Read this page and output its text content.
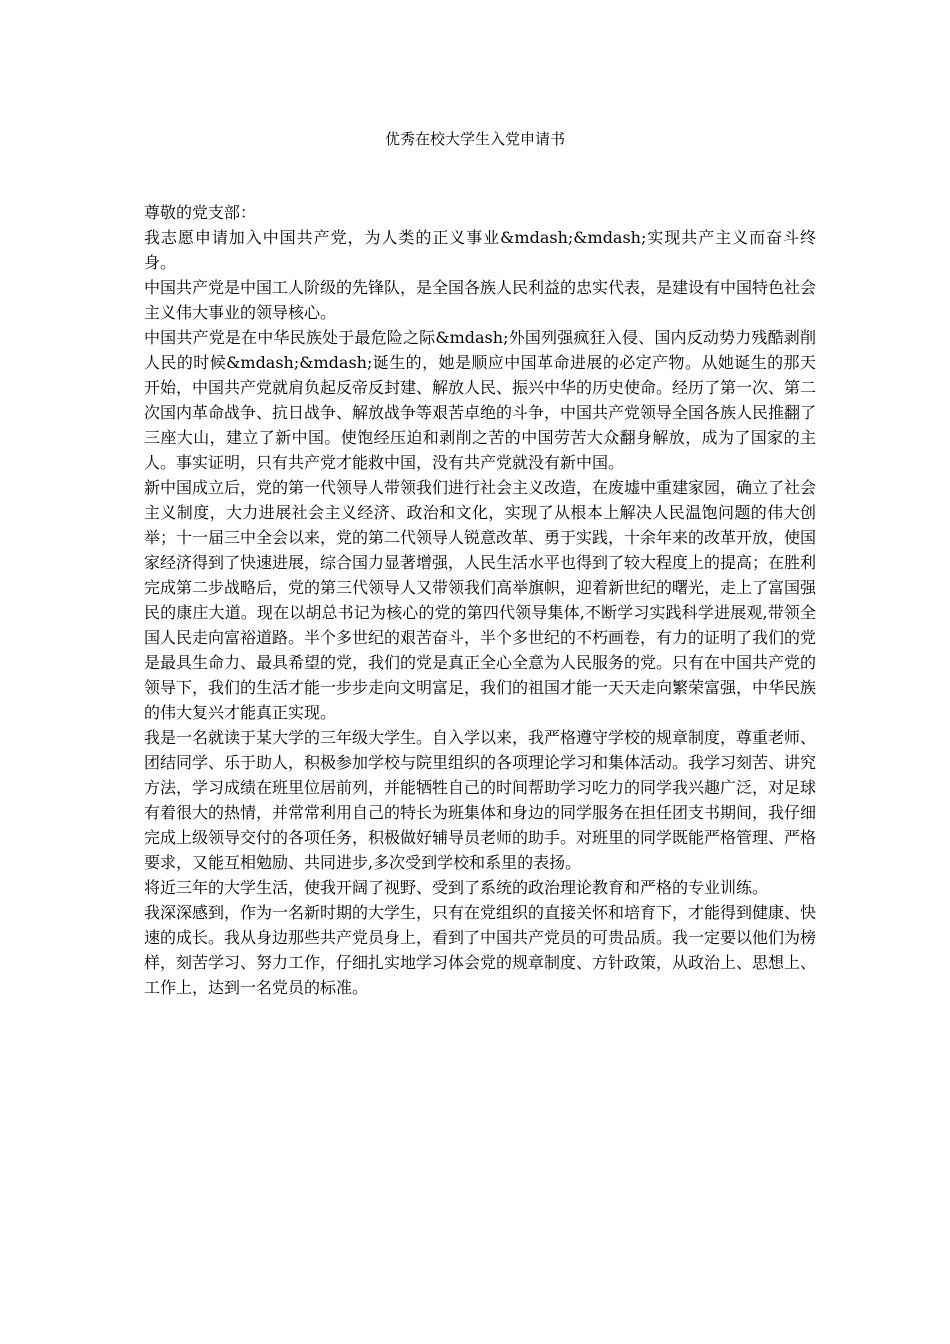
优秀在校大学生入党申请书

尊敬的党支部：

我志愿申请加入中国共产党，为人类的正义事业&mdash;&mdash;实现共产主义而奋斗终身。

中国共产党是中国工人阶级的先锋队，是全国各族人民利益的忠实代表，是建设有中国特色社会主义伟大事业的领导核心。

中国共产党是在中华民族处于最危险之际&mdash;外国列强疯狂入侵、国内反动势力残酷剥削人民的时候&mdash;&mdash;诞生的，她是顺应中国革命进展的必定产物。从她诞生的那天开始，中国共产党就肩负起反帝反封建、解放人民、振兴中华的历史使命。经历了第一次、第二次国内革命战争、抗日战争、解放战争等艰苦卓绝的斗争，中国共产党领导全国各族人民推翻了三座大山，建立了新中国。使饱经压迫和剥削之苦的中国劳苦大众翻身解放，成为了国家的主人。事实证明，只有共产党才能救中国，没有共产党就没有新中国。

新中国成立后，党的第一代领导人带领我们进行社会主义改造，在废墟中重建家园，确立了社会主义制度，大力进展社会主义经济、政治和文化，实现了从根本上解决人民温饱问题的伟大创举；十一届三中全会以来，党的第二代领导人锐意改革、勇于实践，十余年来的改革开放，使国家经济得到了快速进展，综合国力显著增强，人民生活水平也得到了较大程度上的提高；在胜利完成第二步战略后，党的第三代领导人又带领我们高举旗帜，迎着新世纪的曙光，走上了富国强民的康庄大道。现在以胡总书记为核心的党的第四代领导集体,不断学习实践科学进展观,带领全国人民走向富裕道路。半个多世纪的艰苦奋斗，半个多世纪的不朽画卷，有力的证明了我们的党是最具生命力、最具希望的党，我们的党是真正全心全意为人民服务的党。只有在中国共产党的领导下，我们的生活才能一步步走向文明富足，我们的祖国才能一天天走向繁荣富强，中华民族的伟大复兴才能真正实现。

我是一名就读于某大学的三年级大学生。自入学以来，我严格遵守学校的规章制度，尊重老师、团结同学、乐于助人，积极参加学校与院里组织的各项理论学习和集体活动。我学习刻苦、讲究方法，学习成绩在班里位居前列，并能牺牲自己的时间帮助学习吃力的同学我兴趣广泛，对足球有着很大的热情，并常常利用自己的特长为班集体和身边的同学服务在担任团支书期间，我仔细完成上级领导交付的各项任务，积极做好辅导员老师的助手。对班里的同学既能严格管理、严格要求，又能互相勉励、共同进步,多次受到学校和系里的表扬。

将近三年的大学生活，使我开阔了视野、受到了系统的政治理论教育和严格的专业训练。

我深深感到，作为一名新时期的大学生，只有在党组织的直接关怀和培育下，才能得到健康、快速的成长。我从身边那些共产党员身上，看到了中国共产党员的可贵品质。我一定要以他们为榜样，刻苦学习、努力工作，仔细扎实地学习体会党的规章制度、方针政策，从政治上、思想上、工作上，达到一名党员的标准。
